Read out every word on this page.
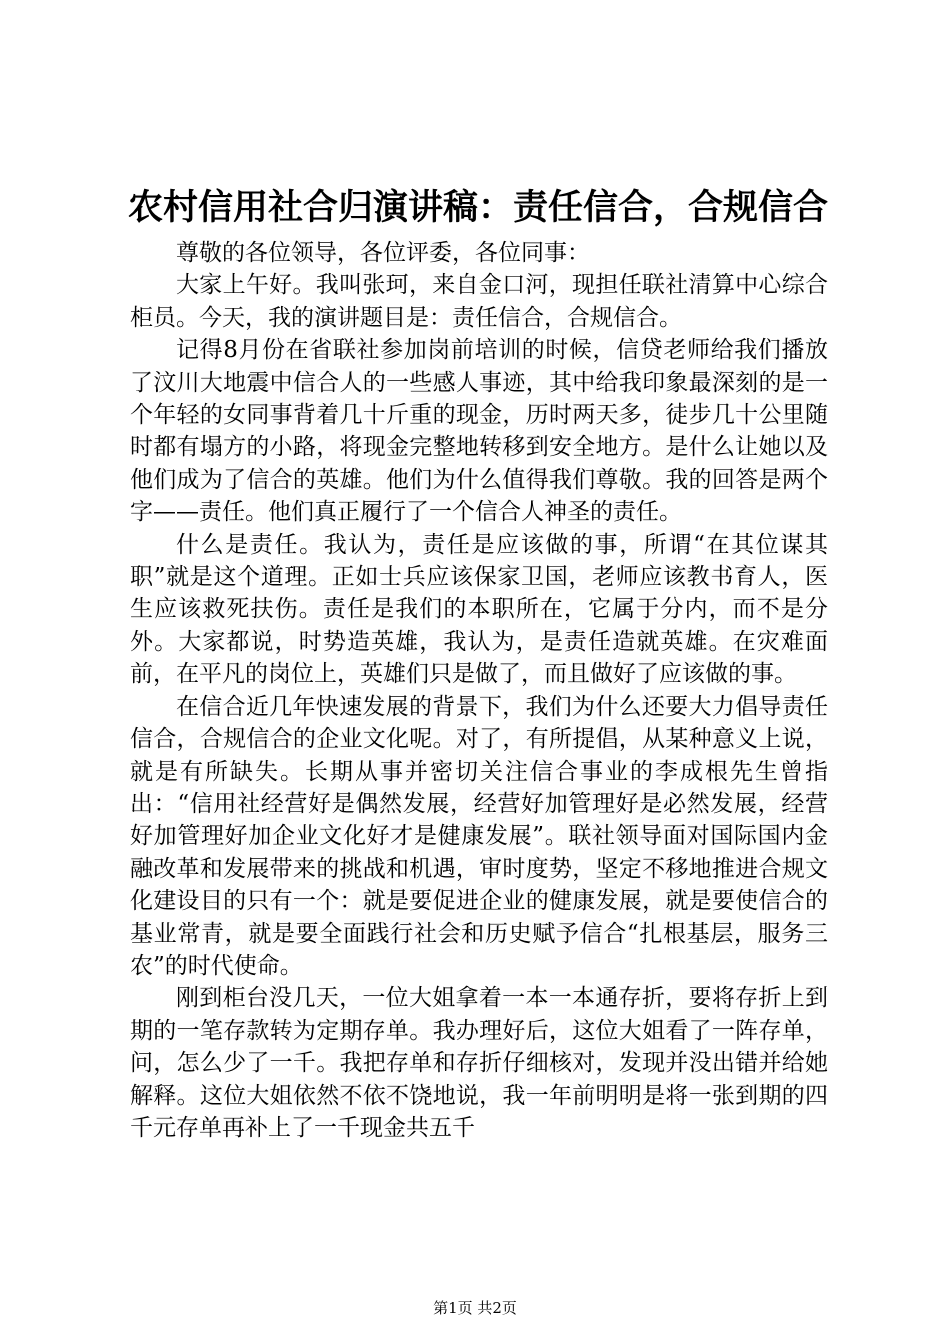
农村信用社合归演讲稿：责任信合，合规信合

尊敬的各位领导，各位评委，各位同事：

大家上午好。我叫张珂，来自金口河，现担任联社清算中心综合柜员。今天，我的演讲题目是：责任信合，合规信合。

记得8月份在省联社参加岗前培训的时候，信贷老师给我们播放了汶川大地震中信合人的一些感人事迹，其中给我印象最深刻的是一个年轻的女同事背着几十斤重的现金，历时两天多，徒步几十公里随时都有塌方的小路，将现金完整地转移到安全地方。是什么让她以及他们成为了信合的英雄。他们为什么值得我们尊敬。我的回答是两个字——责任。他们真正履行了一个信合人神圣的责任。

什么是责任。我认为，责任是应该做的事，所谓“在其位谋其职”就是这个道理。正如士兵应该保家卫国，老师应该教书育人，医生应该救死扶伤。责任是我们的本职所在，它属于分内，而不是分外。大家都说，时势造英雄，我认为，是责任造就英雄。在灾难面前，在平凡的岗位上，英雄们只是做了，而且做好了应该做的事。

在信合近几年快速发展的背景下，我们为什么还要大力倡导责任信合，合规信合的企业文化呢。对了，有所提倡，从某种意义上说，就是有所缺失。长期从事并密切关注信合事业的李成根先生曾指出：“信用社经营好是偶然发展，经营好加管理好是必然发展，经营好加管理好加企业文化好才是健康发展”。联社领导面对国际国内金融改革和发展带来的挑战和机遇，审时度势，坚定不移地推进合规文化建设目的只有一个：就是要促进企业的健康发展，就是要使信合的基业常青，就是要全面践行社会和历史赋予信合“扎根基层，服务三农”的时代使命。

刚到柜台没几天，一位大姐拿着一本一本通存折，要将存折上到期的一笔存款转为定期存单。我办理好后，这位大姐看了一阵存单，问，怎么少了一千。我把存单和存折仔细核对，发现并没出错并给她解释。这位大姐依然不依不饶地说，我一年前明明是将一张到期的四千元存单再补上了一千现金共五千

第1页 共2页
